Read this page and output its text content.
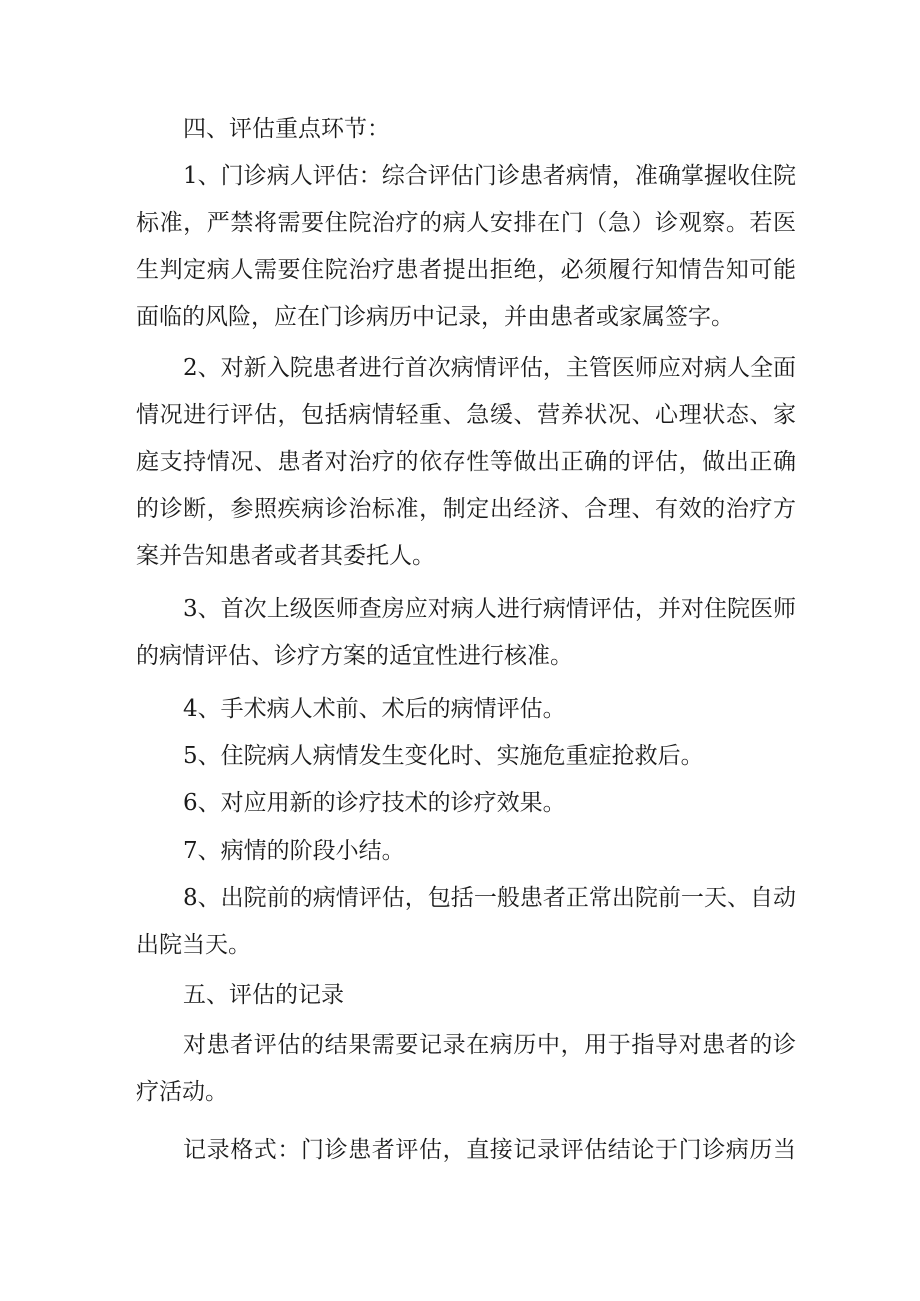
四、评估重点环节：
1、门诊病人评估：综合评估门诊患者病情，准确掌握收住院
标准，严禁将需要住院治疗的病人安排在门（急）诊观察。若医
生判定病人需要住院治疗患者提出拒绝，必须履行知情告知可能
面临的风险，应在门诊病历中记录，并由患者或家属签字。
2、对新入院患者进行首次病情评估，主管医师应对病人全面
情况进行评估，包括病情轻重、急缓、营养状况、心理状态、家
庭支持情况、患者对治疗的依存性等做出正确的评估，做出正确
的诊断，参照疾病诊治标准，制定出经济、合理、有效的治疗方
案并告知患者或者其委托人。
3、首次上级医师查房应对病人进行病情评估，并对住院医师
的病情评估、诊疗方案的适宜性进行核准。
4、手术病人术前、术后的病情评估。
5、住院病人病情发生变化时、实施危重症抢救后。
6、对应用新的诊疗技术的诊疗效果。
7、病情的阶段小结。
8、出院前的病情评估，包括一般患者正常出院前一天、自动
出院当天。
五、评估的记录
对患者评估的结果需要记录在病历中，用于指导对患者的诊
疗活动。
记录格式：门诊患者评估，直接记录评估结论于门诊病历当
